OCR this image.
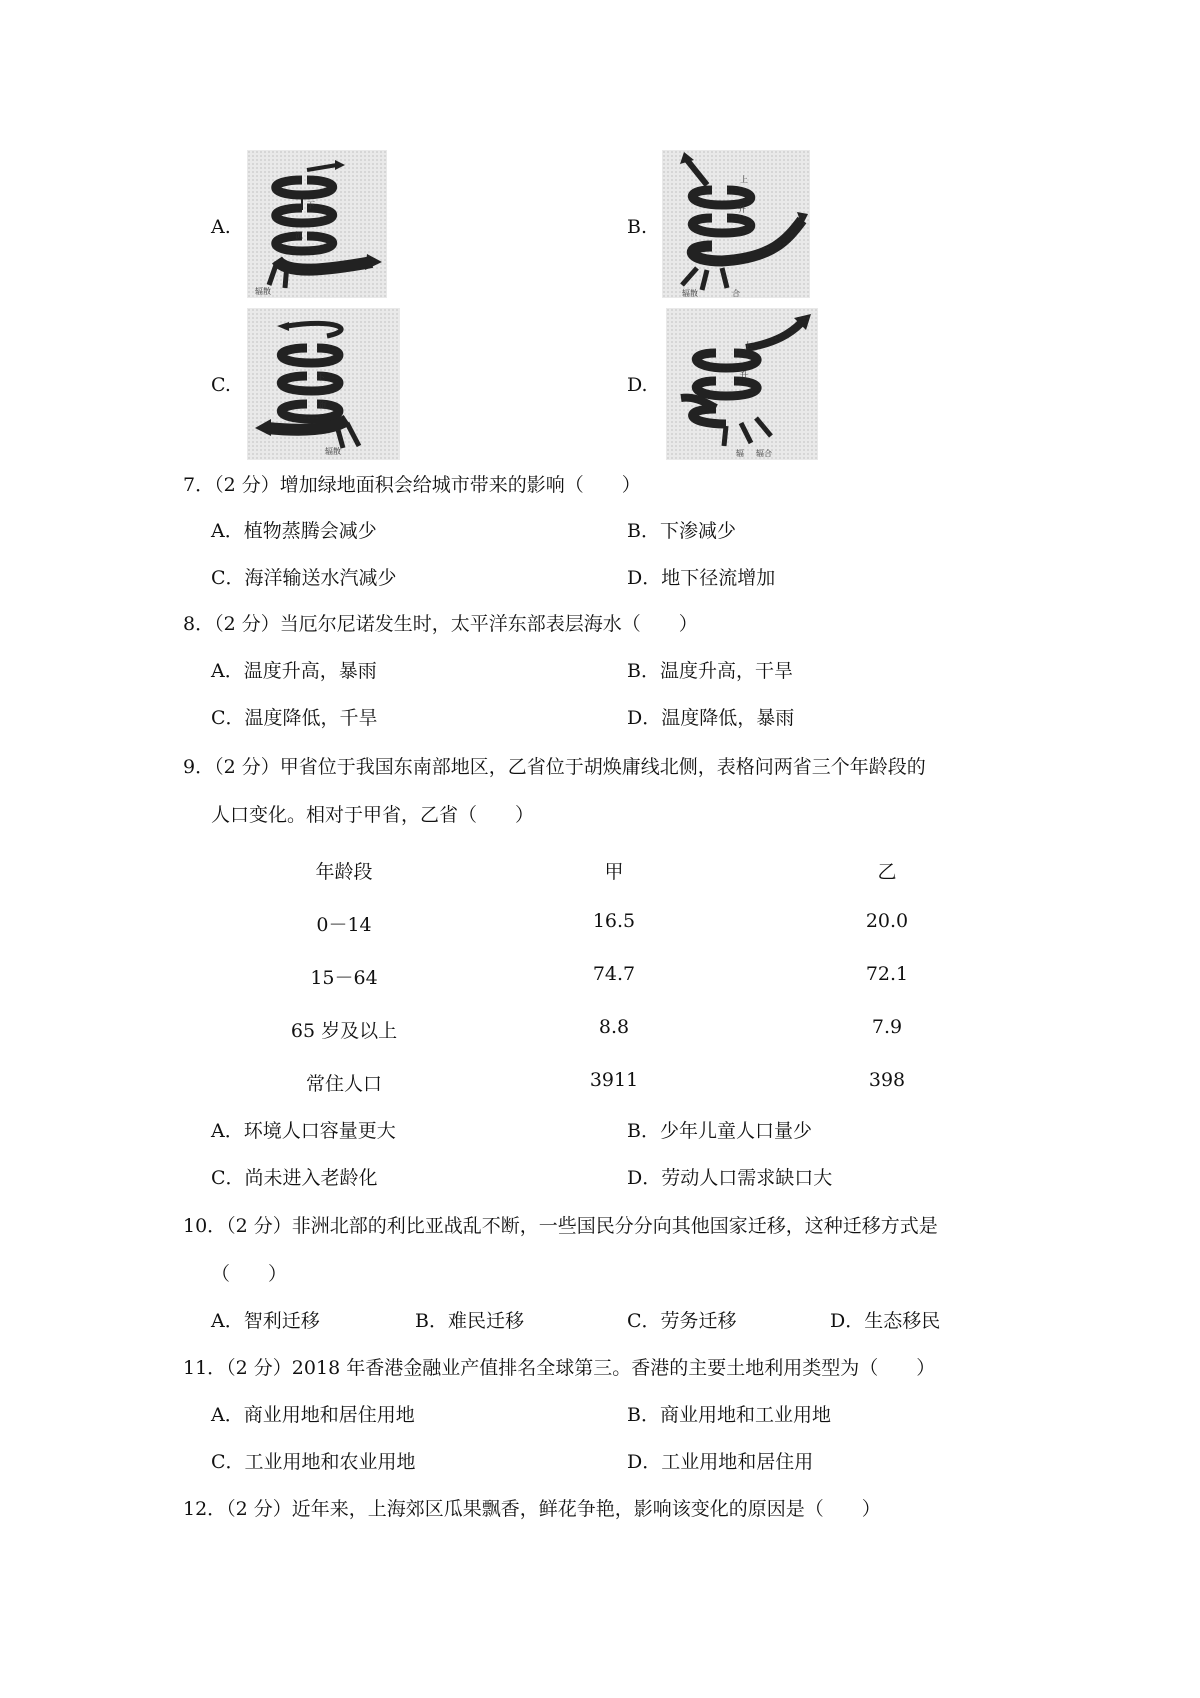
A.
下
沉
辐散
B.
上
升
辐散	合
C.	下
沉
辐散
D.
上
升
辐 辐合
7．（2 分）增加绿地面积会给城市带来的影响（　　）
A．植物蒸腾会减少	B．下渗减少
C．海洋输送水汽减少	D．地下径流增加
8．（2 分）当厄尔尼诺发生时，太平洋东部表层海水（　　）
A．温度升高，暴雨	B．温度升高，干旱
C．温度降低，千旱	D．温度降低，暴雨
9．（2 分）甲省位于我国东南部地区，乙省位于胡焕庸线北侧，表格问两省三个年龄段的
人口变化。相对于甲省，乙省（　　）
年龄段	甲	乙
0－14	16.5	20.0
15－64	74.7	72.1
65 岁及以上	8.8	7.9
常住人口	3911	398
A．环境人口容量更大	B．少年儿童人口量少
C．尚未进入老龄化	D．劳动人口需求缺口大
10．（2 分）非洲北部的利比亚战乱不断，一些国民分分向其他国家迁移，这种迁移方式是
（　　）
A．智利迁移	B．难民迁移	C．劳务迁移	D．生态移民
11．（2 分）2018 年香港金融业产值排名全球第三。香港的主要土地利用类型为（　　）
A．商业用地和居住用地	B．商业用地和工业用地
C．工业用地和农业用地	D．工业用地和居住用
12．（2 分）近年来，上海郊区瓜果飘香，鲜花争艳，影响该变化的原因是（　　）
